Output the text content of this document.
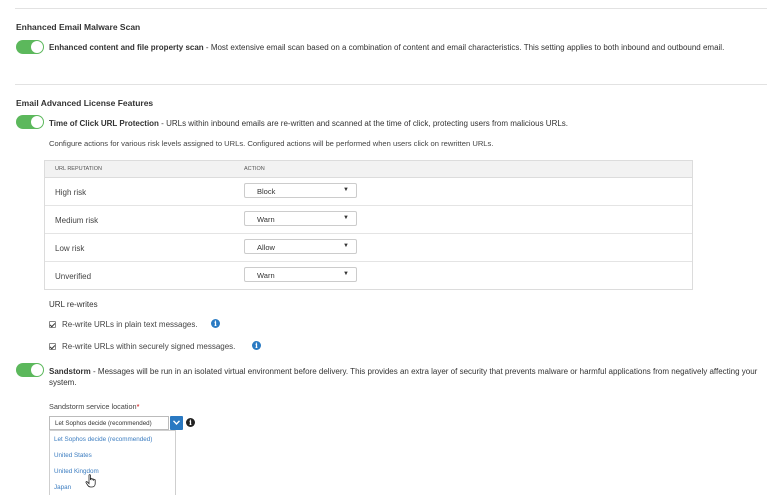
Enhanced Email Malware Scan
Enhanced content and file property scan - Most extensive email scan based on a combination of content and email characteristics. This setting applies to both inbound and outbound email.
Email Advanced License Features
Time of Click URL Protection - URLs within inbound emails are re-written and scanned at the time of click, protecting users from malicious URLs.
Configure actions for various risk levels assigned to URLs. Configured actions will be performed when users click on rewritten URLs.
URL REPUTATION	ACTION
High risk	Block	▼
Medium risk	Warn	▼
Low risk	Allow	▼
Unverified	Warn	▼
URL re-writes
Re-write URLs in plain text messages.	i
Re-write URLs within securely signed messages.	i
Sandstorm - Messages will be run in an isolated virtual environment before delivery. This provides an extra layer of security that prevents malware or harmful applications from negatively affecting your system.
Sandstorm service location*
Let Sophos decide (recommended)	i
Let Sophos decide (recommended)
United States
United Kingdom
Japan
